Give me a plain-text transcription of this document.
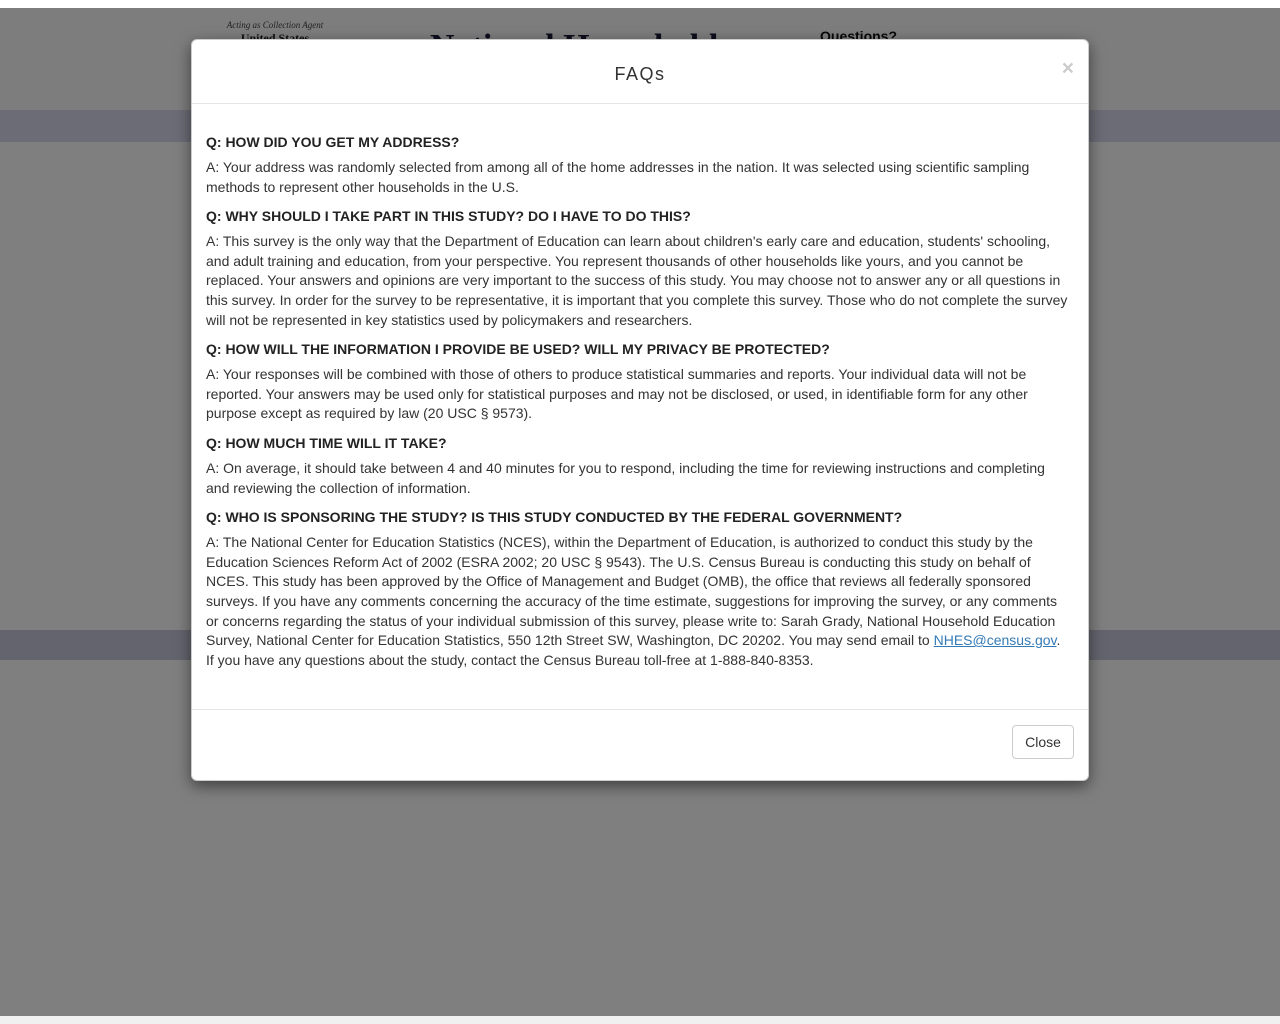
FAQs	×

Q: HOW DID YOU GET MY ADDRESS?

A: Your address was randomly selected from among all of the home addresses in the nation. It was selected using scientific sampling methods to represent other households in the U.S.

Q: WHY SHOULD I TAKE PART IN THIS STUDY? DO I HAVE TO DO THIS?

A: This survey is the only way that the Department of Education can learn about children's early care and education, students' schooling, and adult training and education, from your perspective. You represent thousands of other households like yours, and you cannot be replaced. Your answers and opinions are very important to the success of this study. You may choose not to answer any or all questions in this survey. In order for the survey to be representative, it is important that you complete this survey. Those who do not complete the survey will not be represented in key statistics used by policymakers and researchers.

Q: HOW WILL THE INFORMATION I PROVIDE BE USED? WILL MY PRIVACY BE PROTECTED?

A: Your responses will be combined with those of others to produce statistical summaries and reports. Your individual data will not be reported. Your answers may be used only for statistical purposes and may not be disclosed, or used, in identifiable form for any other purpose except as required by law (20 USC § 9573).

Q: HOW MUCH TIME WILL IT TAKE?

A: On average, it should take between 4 and 40 minutes for you to respond, including the time for reviewing instructions and completing and reviewing the collection of information.

Q: WHO IS SPONSORING THE STUDY? IS THIS STUDY CONDUCTED BY THE FEDERAL GOVERNMENT?

A: The National Center for Education Statistics (NCES), within the Department of Education, is authorized to conduct this study by the Education Sciences Reform Act of 2002 (ESRA 2002; 20 USC § 9543). The U.S. Census Bureau is conducting this study on behalf of NCES. This study has been approved by the Office of Management and Budget (OMB), the office that reviews all federally sponsored surveys. If you have any comments concerning the accuracy of the time estimate, suggestions for improving the survey, or any comments or concerns regarding the status of your individual submission of this survey, please write to: Sarah Grady, National Household Education Survey, National Center for Education Statistics, 550 12th Street SW, Washington, DC 20202. You may send email to NHES@census.gov. If you have any questions about the study, contact the Census Bureau toll-free at 1-888-840-8353.

Close
